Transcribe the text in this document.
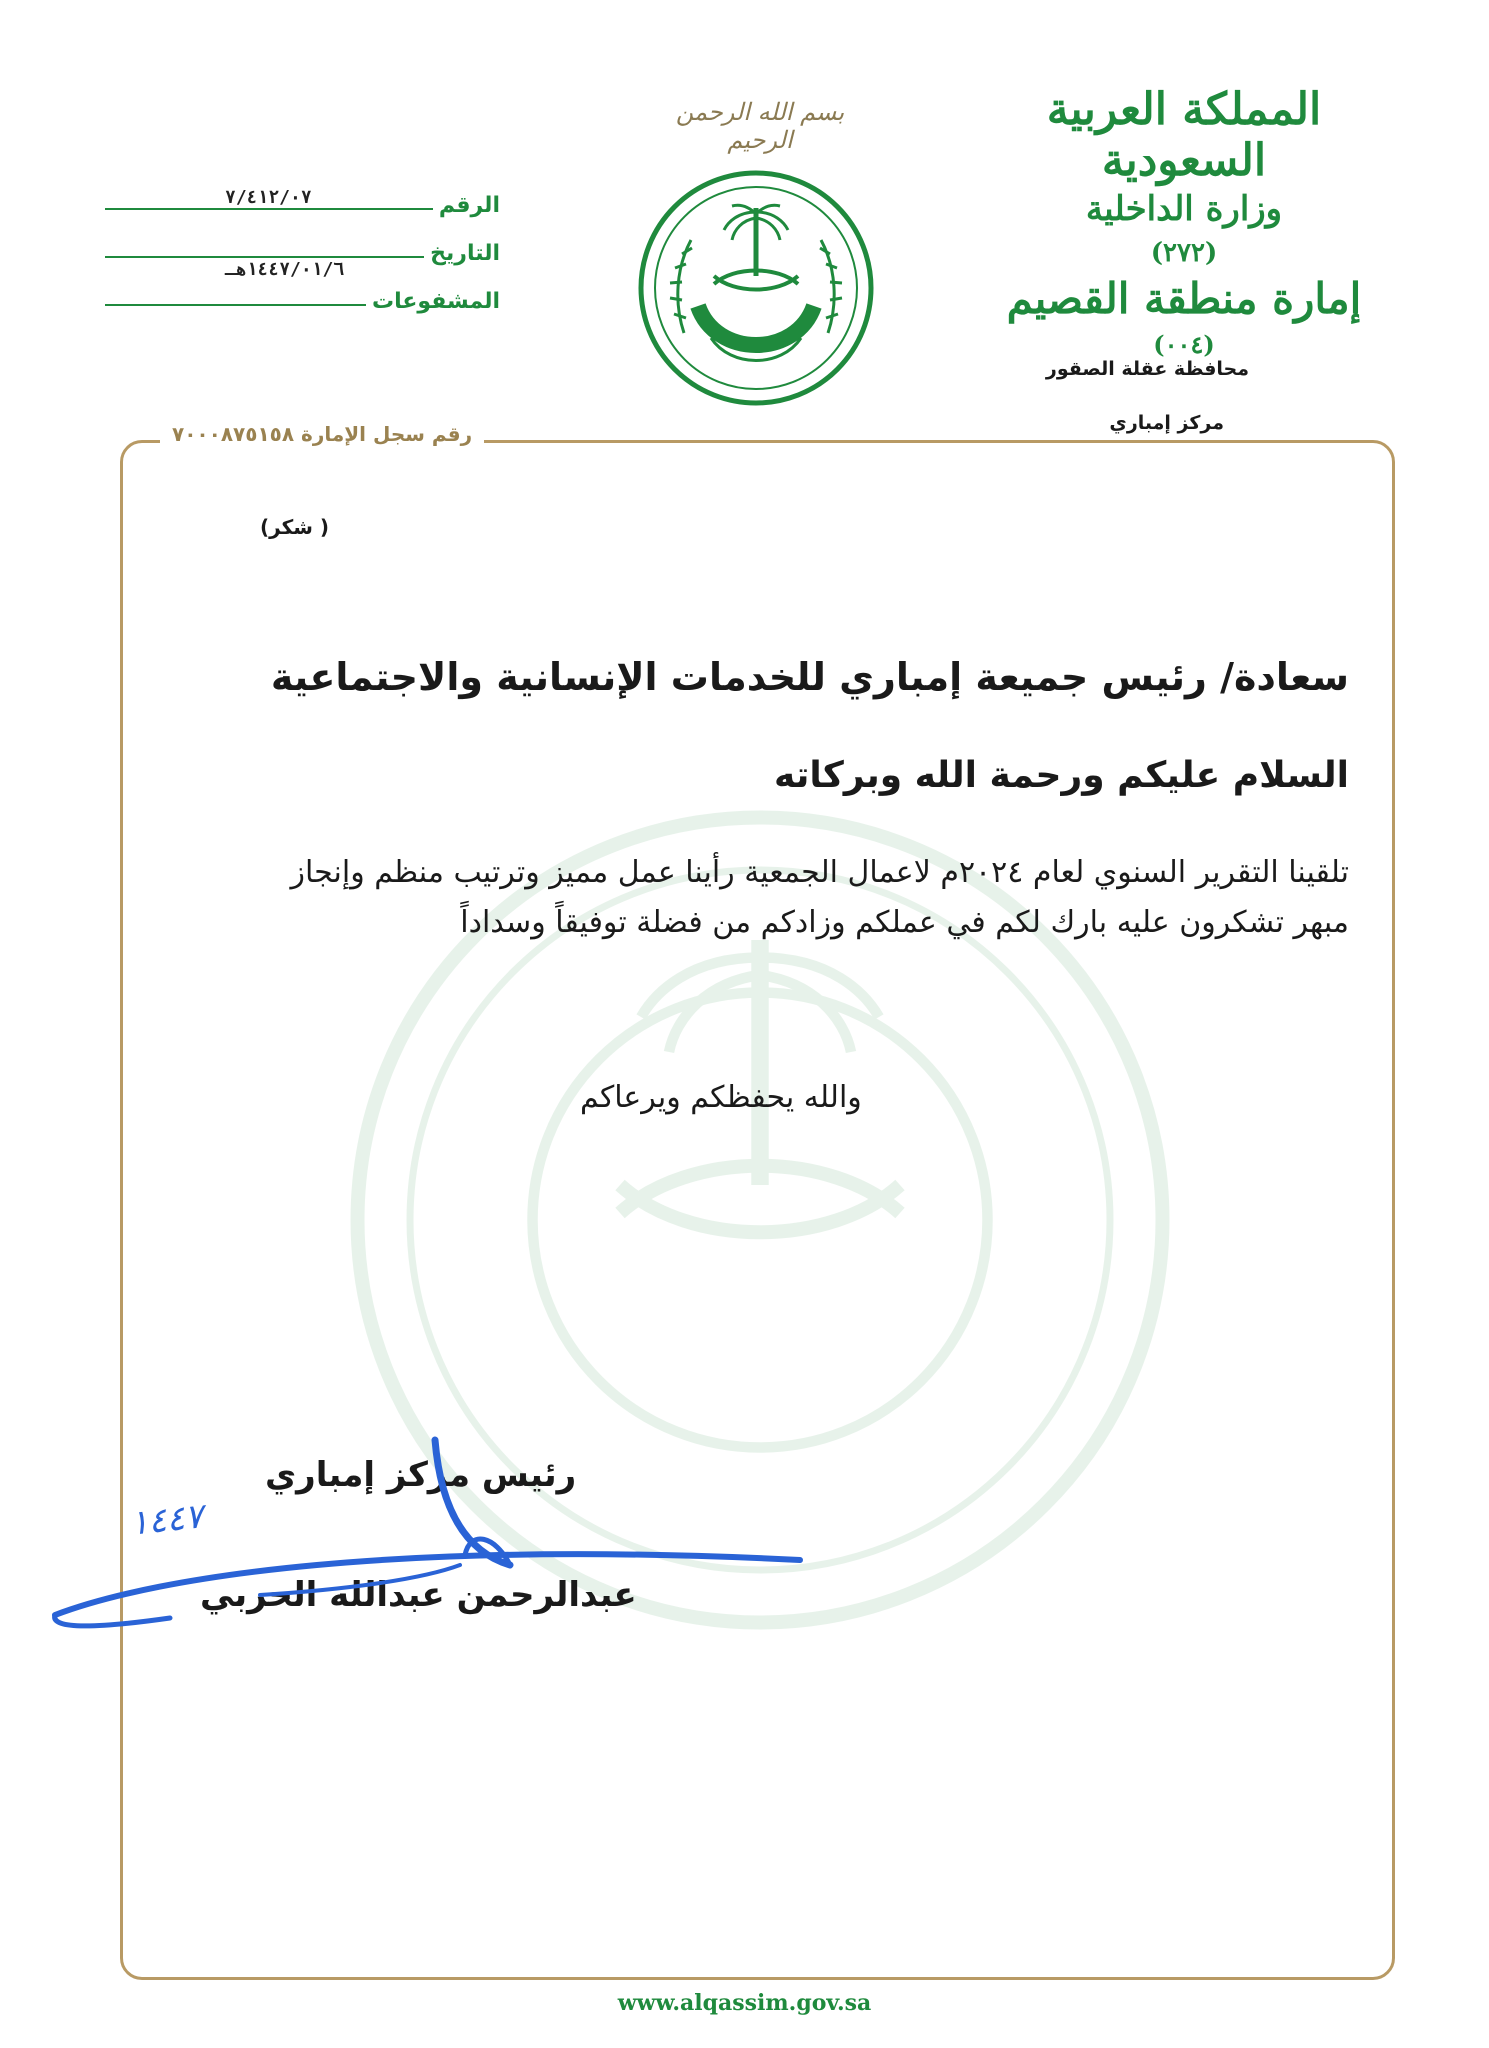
رقم سجل الإمارة ٧٠٠٠٨٧٥١٥٨
المملكة العربية السعودية
وزارة الداخلية
(٢٧٢)
إمارة منطقة القصيم
(٠٠٤)
محافظة عقلة الصقور
مركز إمباري
بسم الله الرحمن الرحيم
الرقم
٧/٤١٢/٠٧
التاريخ
المشفوعات
١٤٤٧/٠١/٦هـ
( شكر)
سعادة/ رئيس جميعة إمباري للخدمات الإنسانية والاجتماعية
السلام عليكم ورحمة الله وبركاته
تلقينا التقرير السنوي لعام ٢٠٢٤م لاعمال الجمعية رأينا عمل مميز وترتيب منظم وإنجاز مبهر تشكرون عليه بارك لكم في عملكم وزادكم من فضلة توفيقاً وسداداً
والله يحفظكم ويرعاكم
رئيس مركز إمباري
عبدالرحمن عبدالله الحربي
١٤٤٧
www.alqassim.gov.sa
